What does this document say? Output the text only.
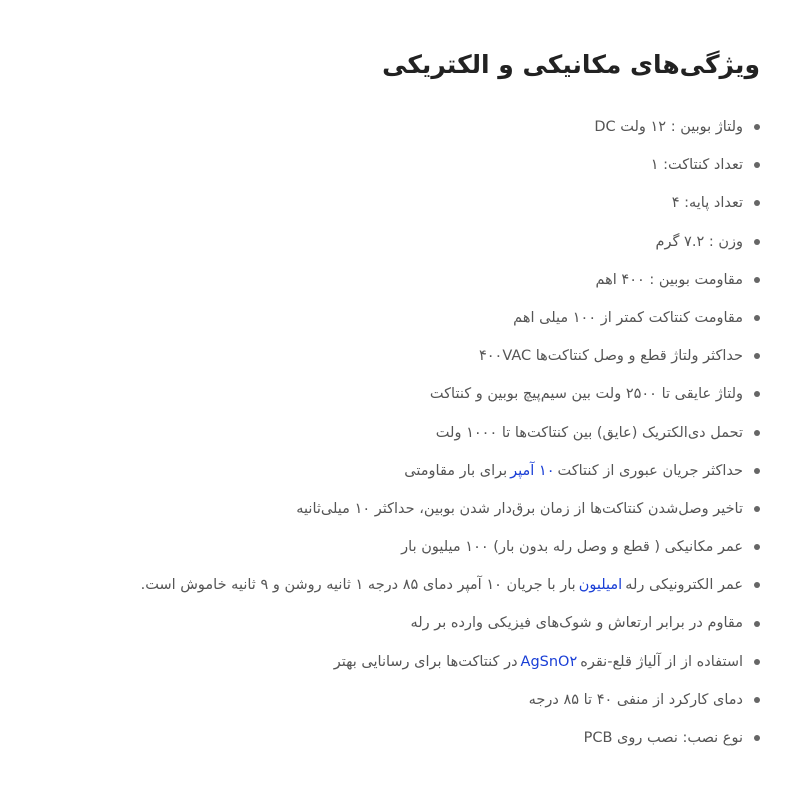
ویژگی‌های مکانیکی و الکتریکی
ولتاژ بوبین : ۱۲ ولت DC
تعداد کنتاکت: ۱
تعداد پایه: ۴
وزن : ۷.۲ گرم
مقاومت بوبین : ۴۰۰ اهم
مقاومت کنتاکت کمتر از ۱۰۰ میلی اهم
حداکثر ولتاژ قطع و وصل کنتاکت‌ها ۴۰۰VAC
ولتاژ عایقی تا ۲۵۰۰ ولت بین سیم‌پیچ بوبین و کنتاکت
تحمل دی‌الکتریک (عایق) بین کنتاکت‌ها تا ۱۰۰۰ ولت
حداکثر جریان عبوری از کنتاکت
۱۰ آمپر
برای بار مقاومتی
تاخیر وصل‌شدن کنتاکت‌ها از زمان برق‌دار شدن بوبین، حداکثر ۱۰ میلی‌ثانیه
عمر مکانیکی ( قطع و وصل رله بدون بار) ۱۰۰ میلیون بار
عمر الکترونیکی رله
امیلیون
بار با جریان ۱۰ آمپر دمای ۸۵ درجه ۱ ثانیه روشن و ۹ ثانیه خاموش است.
مقاوم در برابر ارتعاش و شوک‌های فیزیکی وارده بر رله
استفاده از از آلیاژ قلع-نقره
AgSnO۲
در کنتاکت‌ها برای رسانایی بهتر
دمای کارکرد از منفی ۴۰ تا ۸۵ درجه
نوع نصب: نصب روی PCB
